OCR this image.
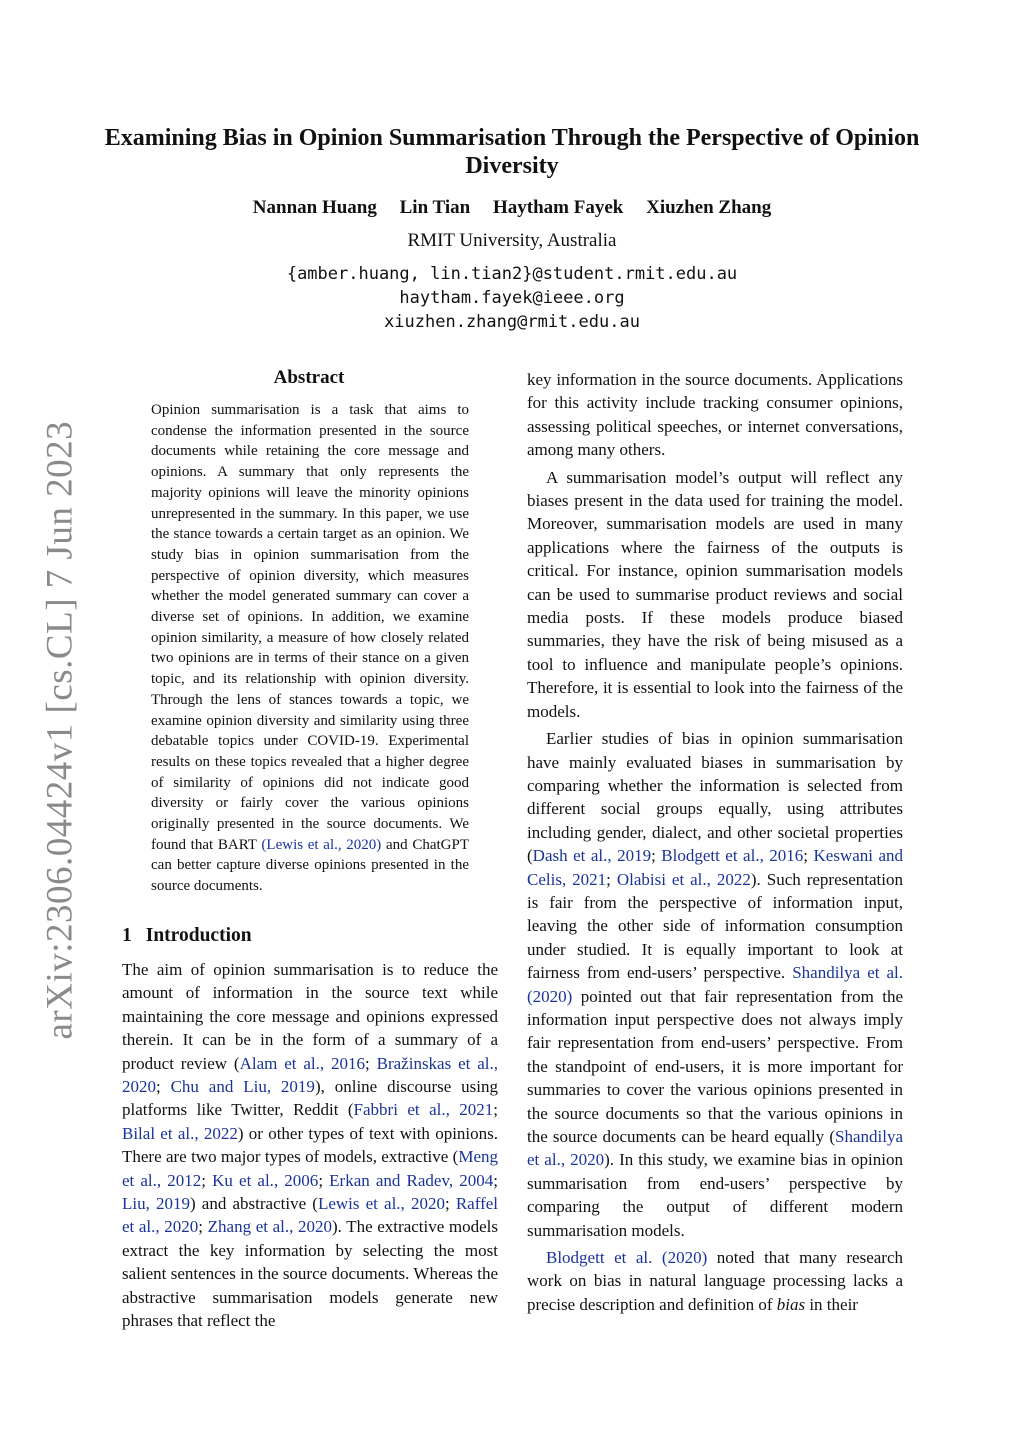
arXiv:2306.04424v1 [cs.CL] 7 Jun 2023
Examining Bias in Opinion Summarisation Through the Perspective of Opinion Diversity
Nannan Huang Lin Tian Haytham Fayek Xiuzhen Zhang
RMIT University, Australia
{amber.huang, lin.tian2}@student.rmit.edu.au
haytham.fayek@ieee.org
xiuzhen.zhang@rmit.edu.au
Abstract
Opinion summarisation is a task that aims to condense the information presented in the source documents while retaining the core message and opinions. A summary that only represents the majority opinions will leave the minority opinions unrepresented in the summary. In this paper, we use the stance towards a certain target as an opinion. We study bias in opinion summarisation from the perspective of opinion diversity, which measures whether the model generated summary can cover a diverse set of opinions. In addition, we examine opinion similarity, a measure of how closely related two opinions are in terms of their stance on a given topic, and its relationship with opinion diversity. Through the lens of stances towards a topic, we examine opinion diversity and similarity using three debatable topics under COVID-19. Experimental results on these topics revealed that a higher degree of similarity of opinions did not indicate good diversity or fairly cover the various opinions originally presented in the source documents. We found that BART (Lewis et al., 2020) and ChatGPT can better capture diverse opinions presented in the source documents.
1 Introduction

The aim of opinion summarisation is to reduce the amount of information in the source text while maintaining the core message and opinions expressed therein. It can be in the form of a summary of a product review (Alam et al., 2016; Bražinskas et al., 2020; Chu and Liu, 2019), online discourse using platforms like Twitter, Reddit (Fabbri et al., 2021; Bilal et al., 2022) or other types of text with opinions. There are two major types of models, extractive (Meng et al., 2012; Ku et al., 2006; Erkan and Radev, 2004; Liu, 2019) and abstractive (Lewis et al., 2020; Raffel et al., 2020; Zhang et al., 2020). The extractive models extract the key information by selecting the most salient sentences in the source documents. Whereas the abstractive summarisation models generate new phrases that reflect the

key information in the source documents. Applications for this activity include tracking consumer opinions, assessing political speeches, or internet conversations, among many others.

A summarisation model’s output will reflect any biases present in the data used for training the model. Moreover, summarisation models are used in many applications where the fairness of the outputs is critical. For instance, opinion summarisation models can be used to summarise product reviews and social media posts. If these models produce biased summaries, they have the risk of being misused as a tool to influence and manipulate people’s opinions. Therefore, it is essential to look into the fairness of the models.

Earlier studies of bias in opinion summarisation have mainly evaluated biases in summarisation by comparing whether the information is selected from different social groups equally, using attributes including gender, dialect, and other societal properties (Dash et al., 2019; Blodgett et al., 2016; Keswani and Celis, 2021; Olabisi et al., 2022). Such representation is fair from the perspective of information input, leaving the other side of information consumption under studied. It is equally important to look at fairness from end-users’ perspective. Shandilya et al. (2020) pointed out that fair representation from the information input perspective does not always imply fair representation from end-users’ perspective. From the standpoint of end-users, it is more important for summaries to cover the various opinions presented in the source documents so that the various opinions in the source documents can be heard equally (Shandilya et al., 2020). In this study, we examine bias in opinion summarisation from end-users’ perspective by comparing the output of different modern summarisation models.

Blodgett et al. (2020) noted that many research work on bias in natural language processing lacks a precise description and definition of bias in their
